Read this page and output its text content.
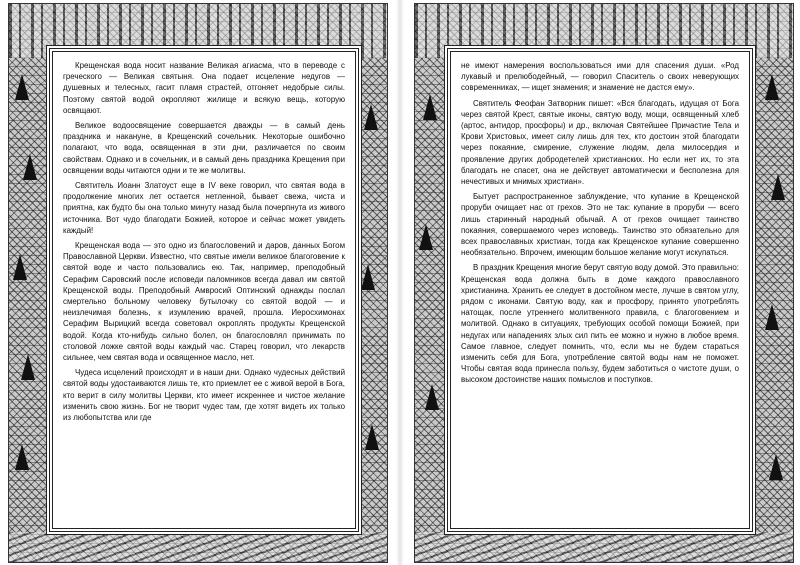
Крещенская вода носит название Великая агиасма, что в переводе с греческого — Великая святыня. Она подает исцеление недугов — душевных и телесных, гасит пламя страстей, отгоняет недобрые силы. Поэтому святой водой окропляют жилище и всякую вещь, которую освящают.

Великое водоосвящение совершается дважды — в самый день праздника и накануне, в Крещенский сочельник. Некоторые ошибочно полагают, что вода, освященная в эти дни, различается по своим свойствам. Однако и в сочельник, и в самый день праздника Крещения при освящении воды читаются одни и те же молитвы.

Святитель Иоанн Златоуст еще в IV веке говорил, что святая вода в продолжение многих лет остается нетленной, бывает свежа, чиста и приятна, как будто бы она только минуту назад была почерпнута из живого источника. Вот чудо благодати Божией, которое и сейчас может увидеть каждый!

Крещенская вода — это одно из благословений и даров, данных Богом Православной Церкви. Известно, что святые имели великое благоговение к святой воде и часто пользовались ею. Так, например, преподобный Серафим Саровский после исповеди паломников всегда давал им святой Крещенской воды. Преподобный Амвросий Оптинский однажды послал смертельно больному человеку бутылочку со святой водой — и неизлечимая болезнь, к изумлению врачей, прошла. Иеросхимонах Серафим Вырицкий всегда советовал окроплять продукты Крещенской водой. Когда кто-нибудь сильно болел, он благословлял принимать по столовой ложке святой воды каждый час. Старец говорил, что лекарств сильнее, чем святая вода и освященное масло, нет.

Чудеса исцелений происходят и в наши дни. Однако чудесных действий святой воды удостаиваются лишь те, кто приемлет ее с живой верой в Бога, кто верит в силу молитвы Церкви, кто имеет искреннее и чистое желание изменить свою жизнь. Бог не творит чудес там, где хотят видеть их только из любопытства или где

не имеют намерения воспользоваться ими для спасения души. «Род лукавый и прелюбодейный, — говорил Спаситель о своих неверующих современниках, — ищет знамения; и знамение не дастся ему».

Святитель Феофан Затворник пишет: «Вся благодать, идущая от Бога через святой Крест, святые иконы, святую воду, мощи, освященный хлеб (артос, антидор, просфоры) и др., включая Святейшее Причастие Тела и Крови Христовых, имеет силу лишь для тех, кто достоин этой благодати через покаяние, смирение, служение людям, дела милосердия и проявление других добродетелей христианских. Но если нет их, то эта благодать не спасет, она не действует автоматически и бесполезна для нечестивых и мнимых христиан».

Бытует распространенное заблуждение, что купание в Крещенской проруби очищает нас от грехов. Это не так: купание в проруби — всего лишь старинный народный обычай. А от грехов очищает таинство покаяния, совершаемого через исповедь. Таинство это обязательно для всех православных христиан, тогда как Крещенское купание совершенно необязательно. Впрочем, имеющим большое желание могут искупаться.

В праздник Крещения многие берут святую воду домой. Это правильно: Крещенская вода должна быть в доме каждого православного христианина. Хранить ее следует в достойном месте, лучше в святом углу, рядом с иконами. Святую воду, как и просфору, принято употреблять натощак, после утреннего молитвенного правила, с благоговением и молитвой. Однако в ситуациях, требующих особой помощи Божией, при недугах или нападениях злых сил пить ее можно и нужно в любое время. Самое главное, следует помнить, что, если мы не будем стараться изменить себя для Бога, употребление святой воды нам не поможет. Чтобы святая вода принесла пользу, будем заботиться о чистоте души, о высоком достоинстве наших помыслов и поступков.
